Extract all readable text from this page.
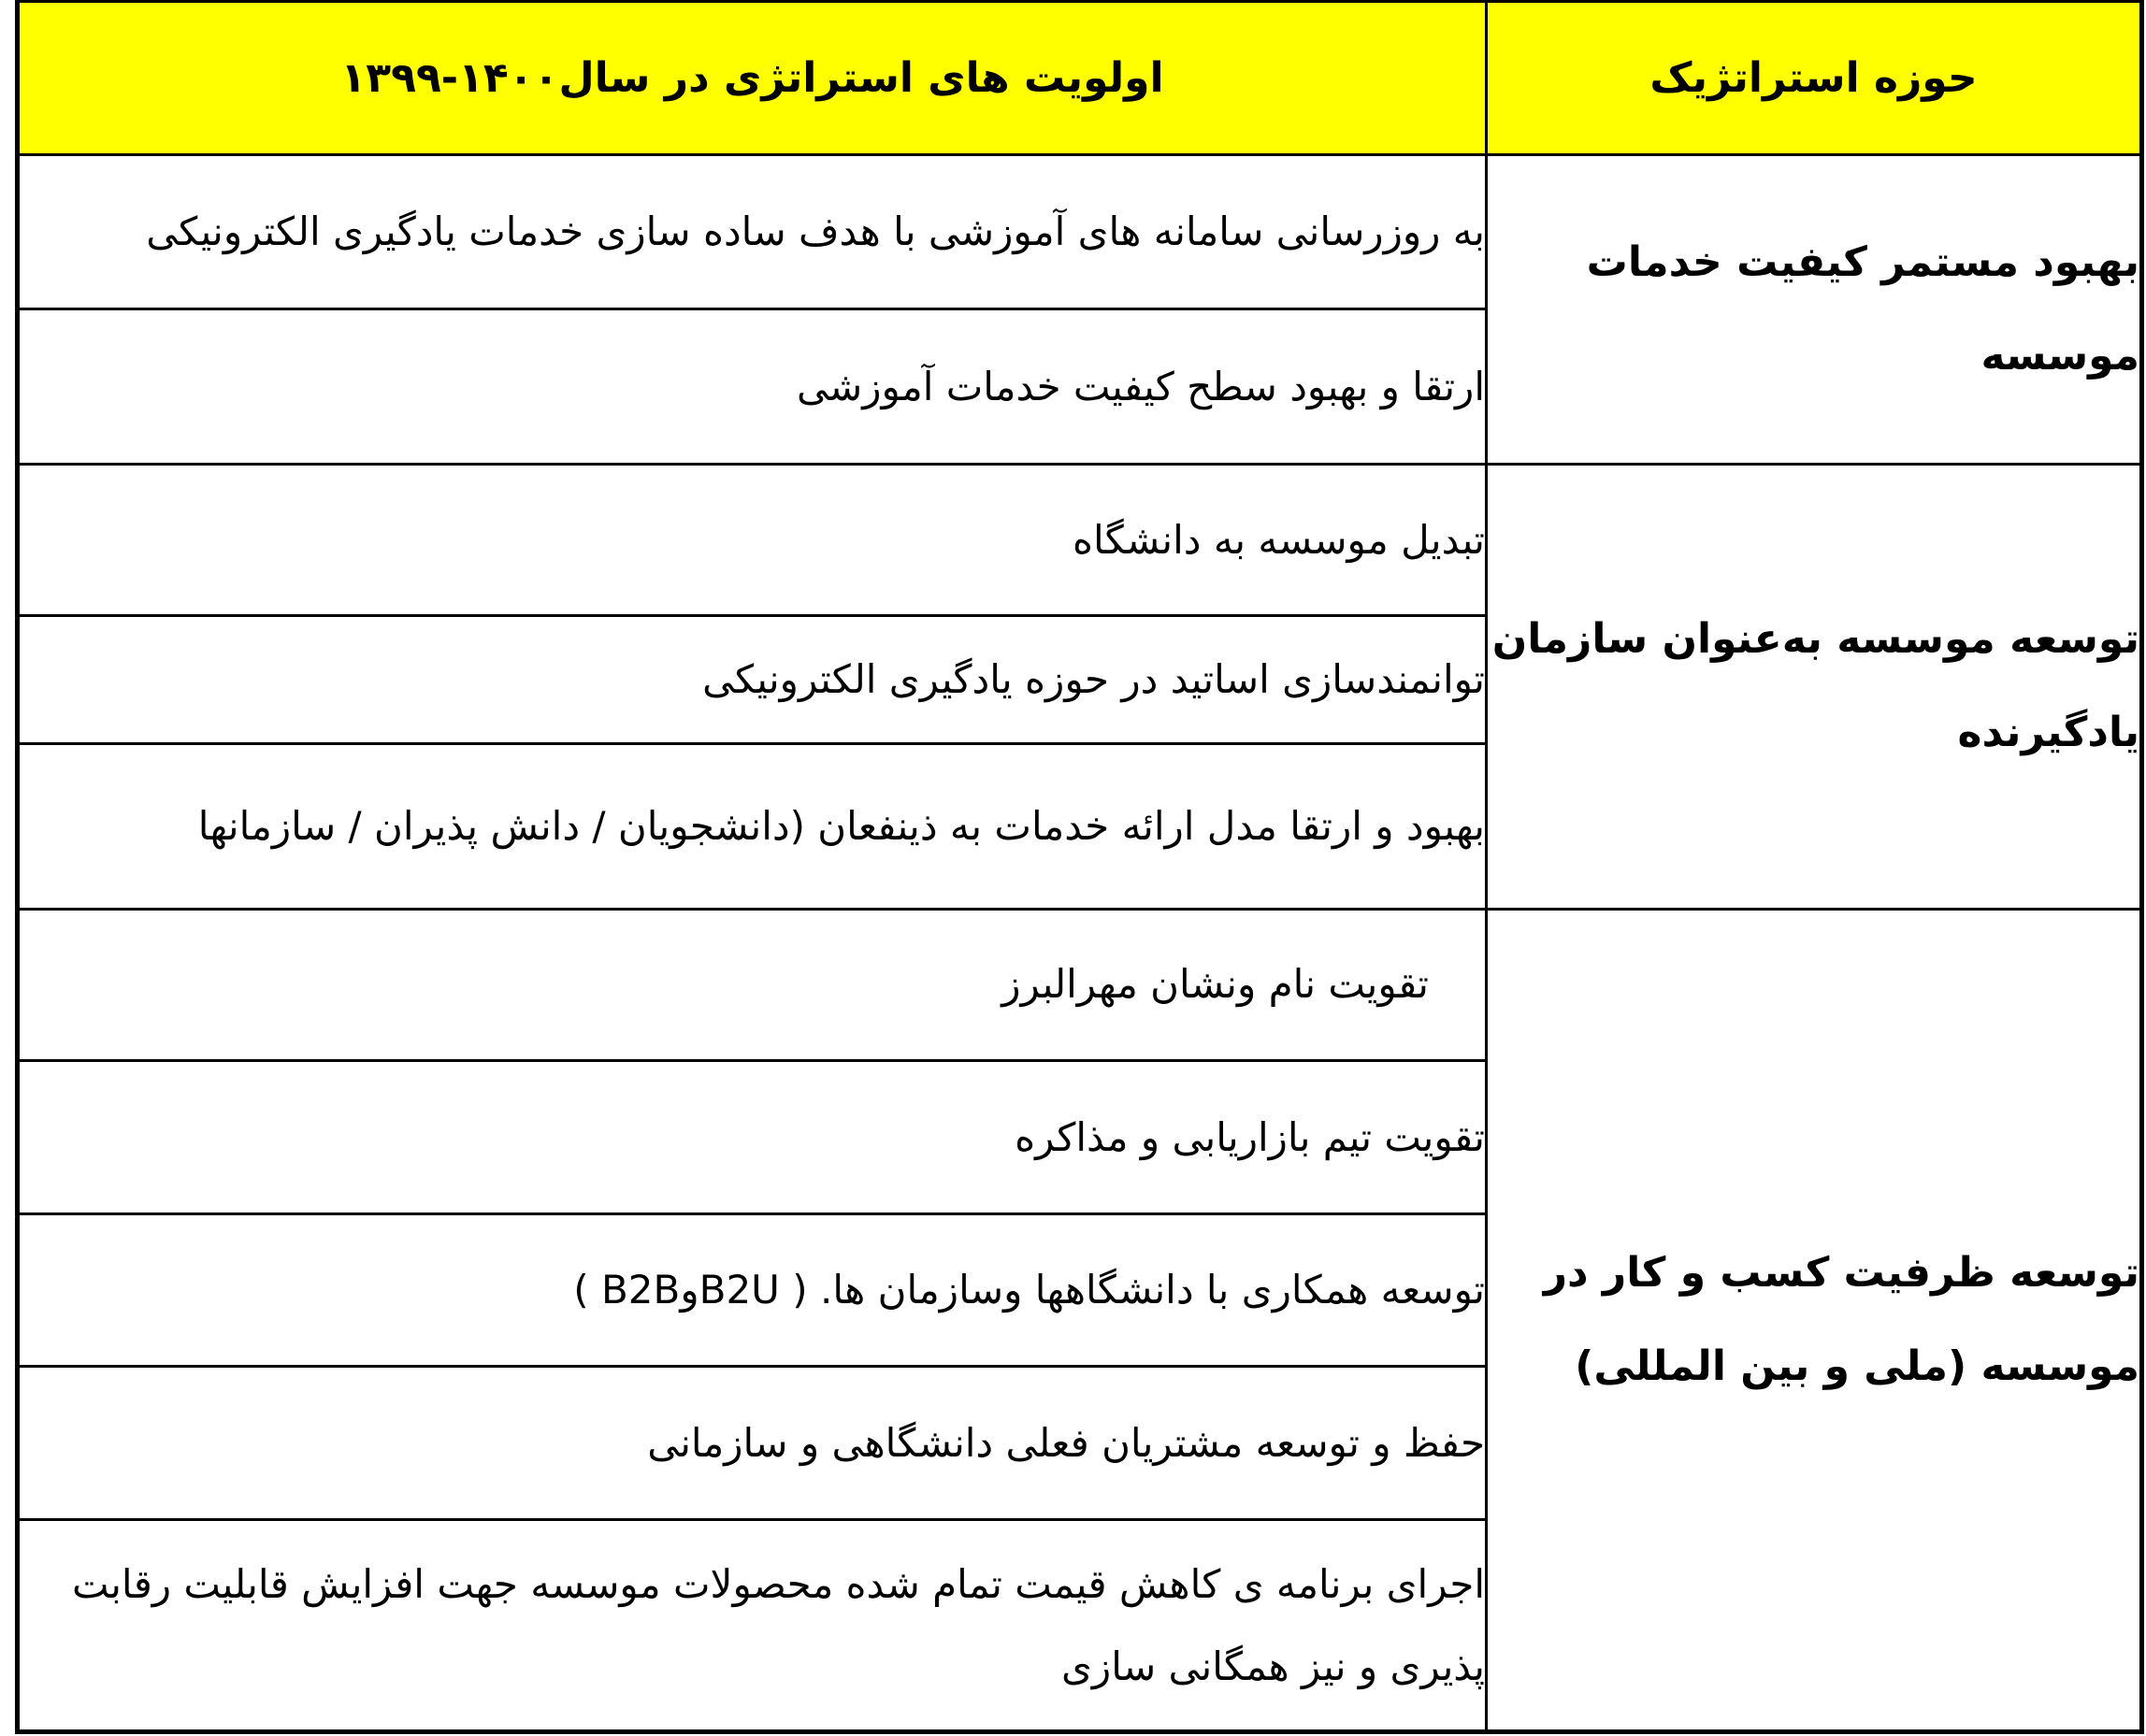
حوزه استراتژیک	اولویت های استراتژی در سال۱۴۰۰-۱۳۹۹
بهبود مستمر کیفیت خدمات موسسه	به روزرسانی سامانه های آموزشی با هدف ساده سازی خدمات یادگیری الکترونیکی
	ارتقا و بهبود سطح کیفیت خدمات آموزشی
توسعه موسسه به‌عنوان سازمان یادگیرنده	تبدیل موسسه به دانشگاه
	توانمندسازی اساتید در حوزه یادگیری الکترونیکی
	بهبود و ارتقا مدل ارائه خدمات به ذینفعان (دانشجویان / دانش پذیران / سازمانها
توسعه ظرفیت کسب و کار در موسسه (ملی و بین المللی)	تقویت نام ونشان مهرالبرز
	تقویت تیم بازاریابی و مذاکره
	توسعه همکاری با دانشگاهها وسازمان ها. ( B2UوB2B )
	حفظ و توسعه مشتریان فعلی دانشگاهی و سازمانی
	اجرای برنامه ی کاهش قیمت تمام شده محصولات موسسه جهت افزایش قابلیت رقابت پذیری و نیز همگانی سازی
